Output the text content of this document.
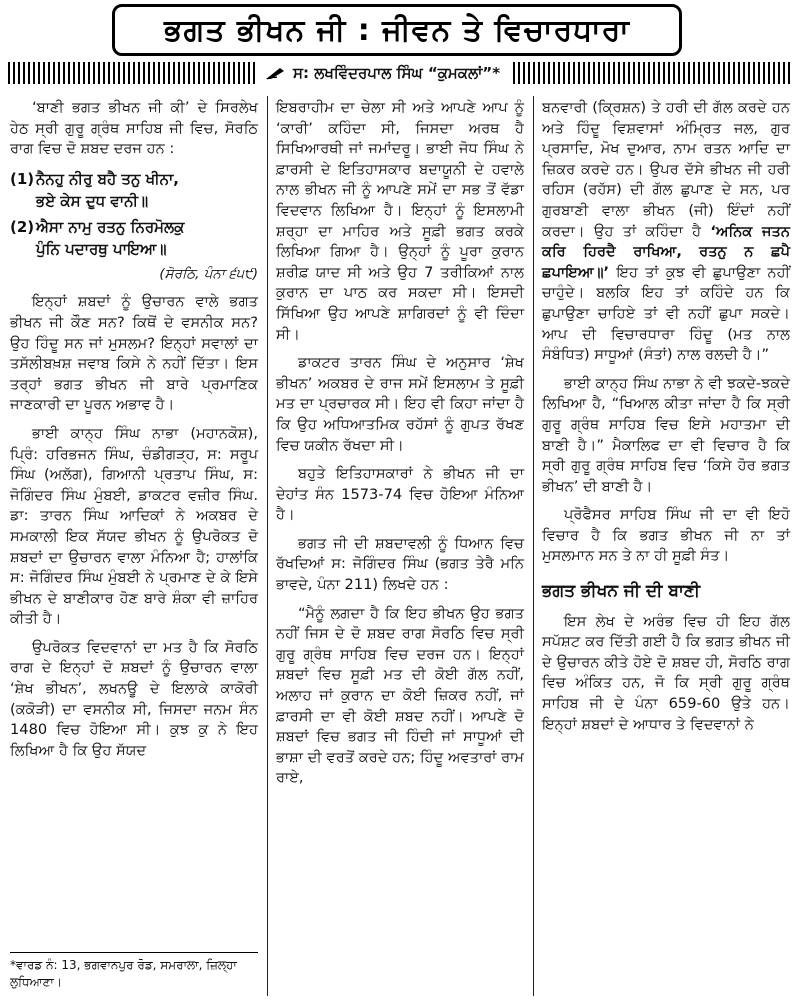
ਭਗਤ ਭੀਖਨ ਜੀ : ਜੀਵਨ ਤੇ ਵਿਚਾਰਧਾਰਾ
ਸ: ਲਖਵਿੰਦਰਪਾਲ ਸਿੰਘ “ਕੁਮਕਲਾਂ”*

‘ਬਾਣੀ ਭਗਤ ਭੀਖਨ ਜੀ ਕੀ’ ਦੇ ਸਿਰਲੇਖ ਹੇਠ ਸ੍ਰੀ ਗੁਰੂ ਗ੍ਰੰਥ ਸਾਹਿਬ ਜੀ ਵਿਚ, ਸੋਰਠਿ ਰਾਗ ਵਿਚ ਦੋ ਸ਼ਬਦ ਦਰਜ ਹਨ :

(1) ਨੈਨਹੁ ਨੀਰੁ ਬਹੈ ਤਨੁ ਖੀਨਾ,
ਭਏ ਕੇਸ ਦੁਧ ਵਾਨੀ॥
(2) ਐਸਾ ਨਾਮੁ ਰਤਨੁ ਨਿਰਮੋਲਕੁ
ਪੁੰਨਿ ਪਦਾਰਥੁ ਪਾਇਆ॥
(ਸੋਰਠਿ, ਪੰਨਾ ੬੫੯)

ਇਨ੍ਹਾਂ ਸ਼ਬਦਾਂ ਨੂੰ ਉਚਾਰਨ ਵਾਲੇ ਭਗਤ ਭੀਖਨ ਜੀ ਕੌਣ ਸਨ? ਕਿਥੋਂ ਦੇ ਵਸਨੀਕ ਸਨ? ਉਹ ਹਿੰਦੂ ਸਨ ਜਾਂ ਮੁਸਲਮ? ਇਨ੍ਹਾਂ ਸਵਾਲਾਂ ਦਾ ਤਸੱਲੀਬਖ਼ਸ਼ ਜਵਾਬ ਕਿਸੇ ਨੇ ਨਹੀਂ ਦਿੱਤਾ। ਇਸ ਤਰ੍ਹਾਂ ਭਗਤ ਭੀਖਨ ਜੀ ਬਾਰੇ ਪ੍ਰਮਾਣਿਕ ਜਾਣਕਾਰੀ ਦਾ ਪੂਰਨ ਅਭਾਵ ਹੈ।

ਭਾਈ ਕਾਨ੍ਹ ਸਿੰਘ ਨਾਭਾ (ਮਹਾਨਕੋਸ਼), ਪ੍ਰਿੰ: ਹਰਿਭਜਨ ਸਿੰਘ, ਚੰਡੀਗੜ੍ਹ, ਸ: ਸਰੂਪ ਸਿੰਘ (ਅਲੱਗ), ਗਿਆਨੀ ਪ੍ਰਤਾਪ ਸਿੰਘ, ਸ: ਜੋਗਿੰਦਰ ਸਿੰਘ ਮੁੰਬਈ, ਡਾਕਟਰ ਵਜ਼ੀਰ ਸਿੰਘ. ਡਾ: ਤਾਰਨ ਸਿੰਘ ਆਦਿਕਾਂ ਨੇ ਅਕਬਰ ਦੇ ਸਮਕਾਲੀ ਇਕ ਸੱਯਦ ਭੀਖਨ ਨੂੰ ਉਪਰੋਕਤ ਦੋ ਸ਼ਬਦਾਂ ਦਾ ਉਚਾਰਨ ਵਾਲਾ ਮੰਨਿਆ ਹੈ; ਹਾਲਾਂਕਿ ਸ: ਜੋਗਿੰਦਰ ਸਿੰਘ ਮੁੰਬਈ ਨੇ ਪ੍ਰਮਾਣ ਦੇ ਕੇ ਇਸੇ ਭੀਖਨ ਦੇ ਬਾਣੀਕਾਰ ਹੋਣ ਬਾਰੇ ਸ਼ੰਕਾ ਵੀ ਜ਼ਾਹਿਰ ਕੀਤੀ ਹੈ।

ਉਪਰੋਕਤ ਵਿਦਵਾਨਾਂ ਦਾ ਮਤ ਹੈ ਕਿ ਸੋਰਠਿ ਰਾਗ ਦੇ ਇਨ੍ਹਾਂ ਦੋ ਸ਼ਬਦਾਂ ਨੂੰ ਉਚਾਰਨ ਵਾਲਾ ‘ਸ਼ੇਖ ਭੀਖਨ’, ਲਖਨਊ ਦੇ ਇਲਾਕੇ ਕਾਕੋਰੀ (ਕਕੋੜੀ) ਦਾ ਵਸਨੀਕ ਸੀ, ਜਿਸਦਾ ਜਨਮ ਸੰਨ 1480 ਵਿਚ ਹੋਇਆ ਸੀ। ਕੁਝ ਕੁ ਨੇ ਇਹ ਲਿਖਿਆ ਹੈ ਕਿ ਉਹ ਸੱਯਦ

*ਵਾਰਡ ਨੰ: 13, ਭਗਵਾਨਪੁਰ ਰੋਡ, ਸਮਰਾਲਾ, ਜ਼ਿਲ੍ਹਾ ਲੁਧਿਆਣਾ।

ਇਬਰਾਹੀਮ ਦਾ ਚੇਲਾ ਸੀ ਅਤੇ ਆਪਣੇ ਆਪ ਨੂੰ ‘ਕਾਰੀ’ ਕਹਿੰਦਾ ਸੀ, ਜਿਸਦਾ ਅਰਥ ਹੈ ਸਿਖਿਆਰਥੀ ਜਾਂ ਜਮਾਂਦਰੂ। ਭਾਈ ਜੋਧ ਸਿੰਘ ਨੇ ਫ਼ਾਰਸੀ ਦੇ ਇਤਿਹਾਸਕਾਰ ਬਦਾਯੂਨੀ ਦੇ ਹਵਾਲੇ ਨਾਲ ਭੀਖਨ ਜੀ ਨੂੰ ਆਪਣੇ ਸਮੇਂ ਦਾ ਸਭ ਤੋਂ ਵੱਡਾ ਵਿਦਵਾਨ ਲਿਖਿਆ ਹੈ। ਇਨ੍ਹਾਂ ਨੂੰ ਇਸਲਾਮੀ ਸ਼ਰ੍ਹਾ ਦਾ ਮਾਹਿਰ ਅਤੇ ਸੂਫ਼ੀ ਭਗਤ ਕਰਕੇ ਲਿਖਿਆ ਗਿਆ ਹੈ। ਉਨ੍ਹਾਂ ਨੂੰ ਪੂਰਾ ਕੁਰਾਨ ਸ਼ਰੀਫ਼ ਯਾਦ ਸੀ ਅਤੇ ਉਹ 7 ਤਰੀਕਿਆਂ ਨਾਲ ਕੁਰਾਨ ਦਾ ਪਾਠ ਕਰ ਸਕਦਾ ਸੀ। ਇਸਦੀ ਸਿੱਖਿਆ ਉਹ ਆਪਣੇ ਸ਼ਾਗਿਰਦਾਂ ਨੂੰ ਵੀ ਦਿੰਦਾ ਸੀ।

ਡਾਕਟਰ ਤਾਰਨ ਸਿੰਘ ਦੇ ਅਨੁਸਾਰ ‘ਸ਼ੇਖ ਭੀਖਨ’ ਅਕਬਰ ਦੇ ਰਾਜ ਸਮੇਂ ਇਸਲਾਮ ਤੇ ਸੂਫ਼ੀ ਮਤ ਦਾ ਪ੍ਰਚਾਰਕ ਸੀ। ਇਹ ਵੀ ਕਿਹਾ ਜਾਂਦਾ ਹੈ ਕਿ ਉਹ ਅਧਿਆਤਮਿਕ ਰਹੱਸਾਂ ਨੂੰ ਗੁਪਤ ਰੱਖਣ ਵਿਚ ਯਕੀਨ ਰੱਖਦਾ ਸੀ।

ਬਹੁਤੇ ਇਤਿਹਾਸਕਾਰਾਂ ਨੇ ਭੀਖਨ ਜੀ ਦਾ ਦੇਹਾਂਤ ਸੰਨ 1573-74 ਵਿਚ ਹੋਇਆ ਮੰਨਿਆ ਹੈ।

ਭਗਤ ਜੀ ਦੀ ਸ਼ਬਦਾਵਲੀ ਨੂੰ ਧਿਆਨ ਵਿਚ ਰੱਖਦਿਆਂ ਸ: ਜੋਗਿੰਦਰ ਸਿੰਘ (ਭਗਤ ਤੇਰੈ ਮਨਿ ਭਾਵਦੇ, ਪੰਨਾ 211) ਲਿਖਦੇ ਹਨ :

“ਮੈਨੂੰ ਲਗਦਾ ਹੈ ਕਿ ਇਹ ਭੀਖਨ ਉਹ ਭਗਤ ਨਹੀਂ ਜਿਸ ਦੇ ਦੋ ਸ਼ਬਦ ਰਾਗ ਸੋਰਠਿ ਵਿਚ ਸ੍ਰੀ ਗੁਰੂ ਗ੍ਰੰਥ ਸਾਹਿਬ ਵਿਚ ਦਰਜ ਹਨ। ਇਨ੍ਹਾਂ ਸ਼ਬਦਾਂ ਵਿਚ ਸੂਫ਼ੀ ਮਤ ਦੀ ਕੋਈ ਗੱਲ ਨਹੀਂ, ਅਲਾਹ ਜਾਂ ਕੁਰਾਨ ਦਾ ਕੋਈ ਜ਼ਿਕਰ ਨਹੀਂ, ਜਾਂ ਫ਼ਾਰਸੀ ਦਾ ਵੀ ਕੋਈ ਸ਼ਬਦ ਨਹੀਂ। ਆਪਣੇ ਦੋ ਸ਼ਬਦਾਂ ਵਿਚ ਭਗਤ ਜੀ ਹਿੰਦੀ ਜਾਂ ਸਾਧੂਆਂ ਦੀ ਭਾਸ਼ਾ ਦੀ ਵਰਤੋਂ ਕਰਦੇ ਹਨ; ਹਿੰਦੂ ਅਵਤਾਰਾਂ ਰਾਮ ਰਾਏ,

ਬਨਵਾਰੀ (ਕ੍ਰਿਸ਼ਨ) ਤੇ ਹਰੀ ਦੀ ਗੱਲ ਕਰਦੇ ਹਨ ਅਤੇ ਹਿੰਦੂ ਵਿਸ਼ਵਾਸਾਂ ਅੰਮ੍ਰਿਤ ਜਲ, ਗੁਰ ਪ੍ਰਸਾਦਿ, ਮੋਖ ਦੁਆਰ, ਨਾਮ ਰਤਨ ਆਦਿ ਦਾ ਜ਼ਿਕਰ ਕਰਦੇ ਹਨ। ਉਪਰ ਦੱਸੇ ਭੀਖਨ ਜੀ ਹਰੀ ਰਹਿਸ (ਰਹੱਸ) ਦੀ ਗੱਲ ਛੁਪਾਣ ਦੇ ਸਨ, ਪਰ ਗੁਰਬਾਣੀ ਵਾਲਾ ਭੀਖਨ (ਜੀ) ਇੰਦਾਂ ਨਹੀਂ ਕਰਦਾ। ਉਹ ਤਾਂ ਕਹਿੰਦਾ ਹੈ ‘ਅਨਿਕ ਜਤਨ ਕਰਿ ਹਿਰਦੈ ਰਾਖਿਆ, ਰਤਨੁ ਨ ਛਪੈ ਛਪਾਇਆ॥’ ਇਹ ਤਾਂ ਕੁਝ ਵੀ ਛੁਪਾਉਣਾ ਨਹੀਂ ਚਾਹੁੰਦੇ। ਬਲਕਿ ਇਹ ਤਾਂ ਕਹਿੰਦੇ ਹਨ ਕਿ ਛੁਪਾਉਣਾ ਚਾਹਿਏ ਤਾਂ ਵੀ ਨਹੀਂ ਛੁਪਾ ਸਕਦੇ। ਆਪ ਦੀ ਵਿਚਾਰਧਾਰਾ ਹਿੰਦੂ (ਮਤ ਨਾਲ ਸੰਬੰਧਿਤ) ਸਾਧੂਆਂ (ਸੰਤਾਂ) ਨਾਲ ਰਲਦੀ ਹੈ।”

ਭਾਈ ਕਾਨ੍ਹ ਸਿੰਘ ਨਾਭਾ ਨੇ ਵੀ ਝਕਦੇ-ਝਕਦੇ ਲਿਖਿਆ ਹੈ, “ਖਿਆਲ ਕੀਤਾ ਜਾਂਦਾ ਹੈ ਕਿ ਸ੍ਰੀ ਗੁਰੂ ਗ੍ਰੰਥ ਸਾਹਿਬ ਵਿਚ ਇਸੇ ਮਹਾਤਮਾ ਦੀ ਬਾਣੀ ਹੈ।” ਮੈਕਾਲਿਫ ਦਾ ਵੀ ਵਿਚਾਰ ਹੈ ਕਿ ਸ੍ਰੀ ਗੁਰੂ ਗ੍ਰੰਥ ਸਾਹਿਬ ਵਿਚ ‘ਕਿਸੇ ਹੋਰ ਭਗਤ ਭੀਖਨ’ ਦੀ ਬਾਣੀ ਹੈ।

ਪ੍ਰੋਫੈਸਰ ਸਾਹਿਬ ਸਿੰਘ ਜੀ ਦਾ ਵੀ ਇਹੋ ਵਿਚਾਰ ਹੈ ਕਿ ਭਗਤ ਭੀਖਨ ਜੀ ਨਾ ਤਾਂ ਮੁਸਲਮਾਨ ਸਨ ਤੇ ਨਾ ਹੀ ਸੂਫ਼ੀ ਸੰਤ।

ਭਗਤ ਭੀਖਨ ਜੀ ਦੀ ਬਾਣੀ

ਇਸ ਲੇਖ ਦੇ ਅਰੰਭ ਵਿਚ ਹੀ ਇਹ ਗੱਲ ਸਪੱਸ਼ਟ ਕਰ ਦਿੱਤੀ ਗਈ ਹੈ ਕਿ ਭਗਤ ਭੀਖਨ ਜੀ ਦੇ ਉਚਾਰਨ ਕੀਤੇ ਹੋਏ ਦੋ ਸ਼ਬਦ ਹੀ, ਸੋਰਠਿ ਰਾਗ ਵਿਚ ਅੰਕਿਤ ਹਨ, ਜੋ ਕਿ ਸ੍ਰੀ ਗੁਰੂ ਗ੍ਰੰਥ ਸਾਹਿਬ ਜੀ ਦੇ ਪੰਨਾ 659-60 ਉਤੇ ਹਨ। ਇਨ੍ਹਾਂ ਸ਼ਬਦਾਂ ਦੇ ਆਧਾਰ ਤੇ ਵਿਦਵਾਨਾਂ ਨੇ
